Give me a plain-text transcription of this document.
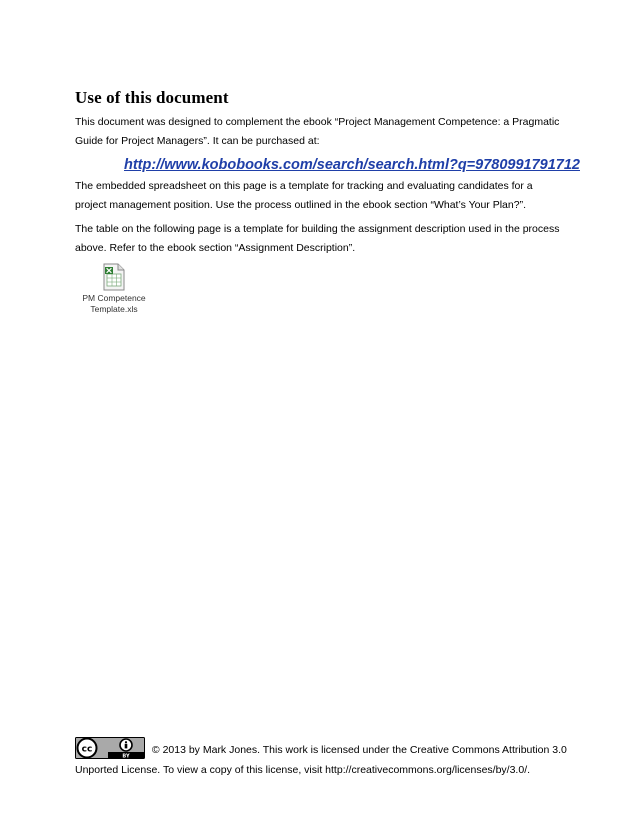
Use of this document
This document was designed to complement the ebook “Project Management Competence: a Pragmatic Guide for Project Managers”. It can be purchased at:
http://www.kobobooks.com/search/search.html?q=9780991791712
The embedded spreadsheet on this page is a template for tracking and evaluating candidates for a project management position. Use the process outlined in the ebook section “What’s Your Plan?”.
The table on the following page is a template for building the assignment description used in the process above. Refer to the ebook section “Assignment Description”.
PM Competence
Template.xls
cc
BY
© 2013 by Mark Jones. This work is licensed under the Creative Commons Attribution 3.0 Unported License. To view a copy of this license, visit http://creativecommons.org/licenses/by/3.0/.
